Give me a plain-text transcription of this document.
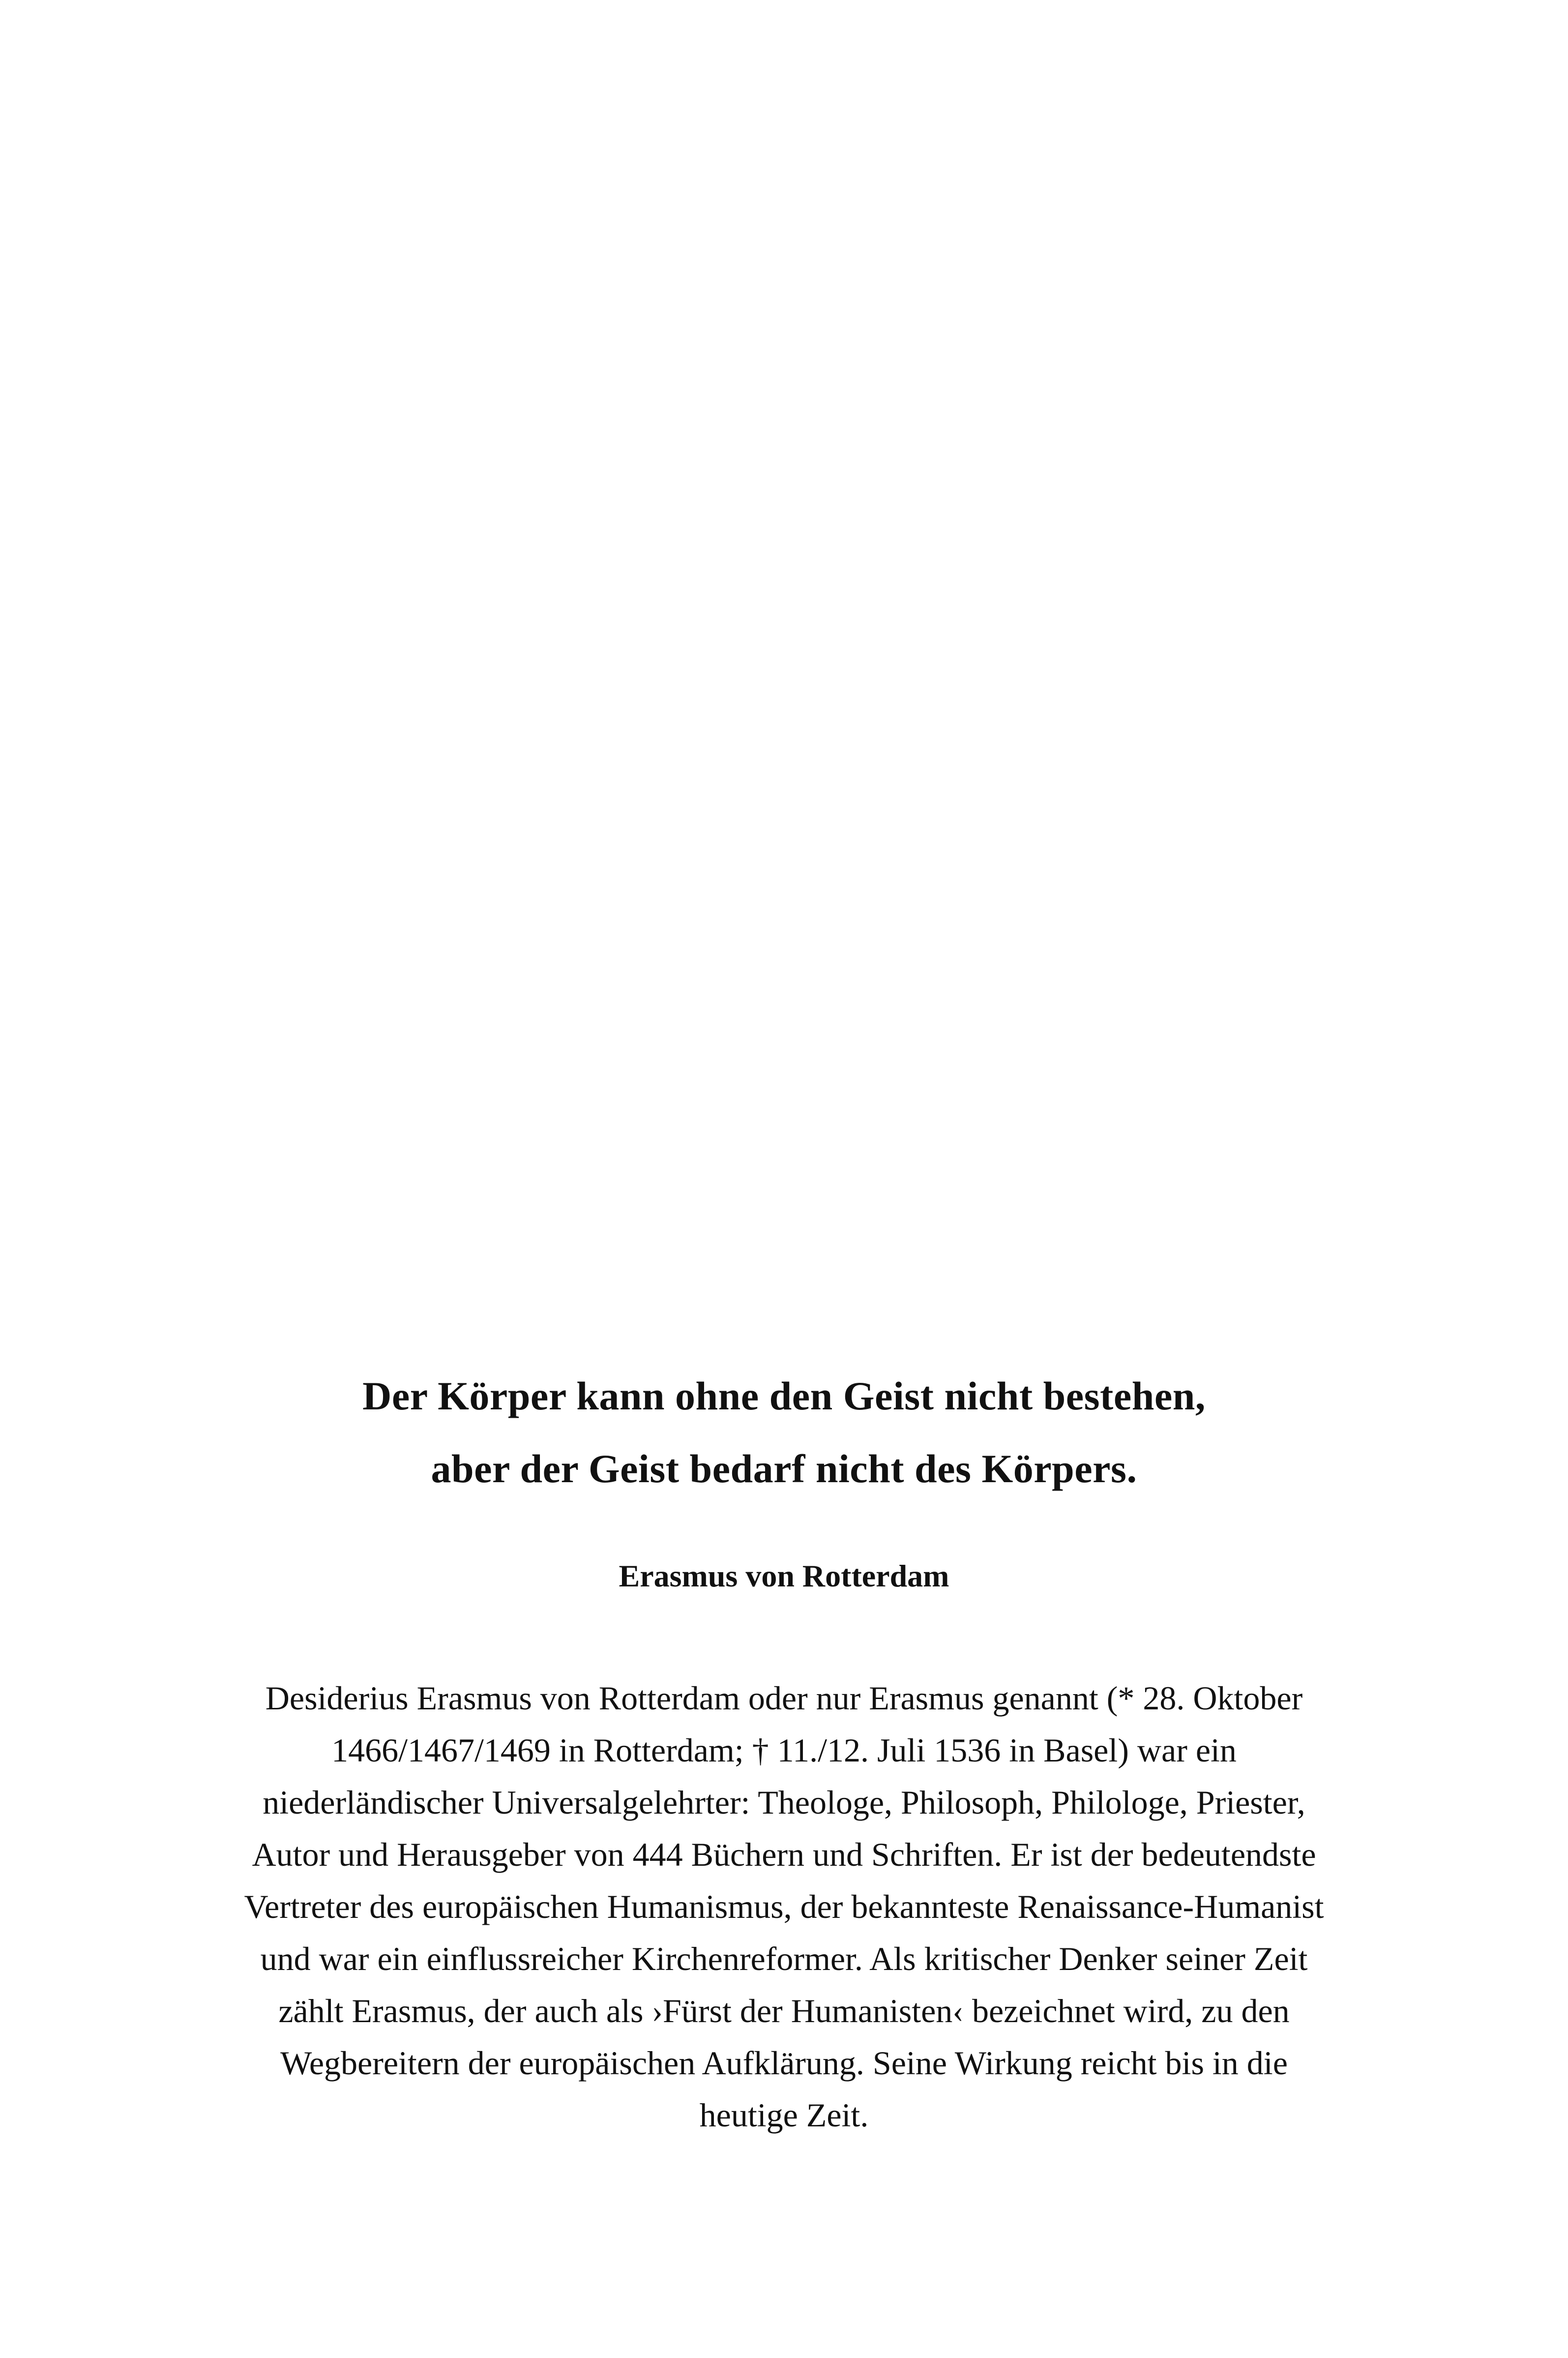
Der Körper kann ohne den Geist nicht bestehen,
aber der Geist bedarf nicht des Körpers.
Erasmus von Rotterdam
Desiderius Erasmus von Rotterdam oder nur Erasmus genannt (* 28. Oktober
1466/1467/1469 in Rotterdam; † 11./12. Juli 1536 in Basel) war ein
niederländischer Universalgelehrter: Theologe, Philosoph, Philologe, Priester,
Autor und Herausgeber von 444 Büchern und Schriften. Er ist der bedeutendste
Vertreter des europäischen Humanismus, der bekannteste Renaissance-Humanist
und war ein einflussreicher Kirchenreformer. Als kritischer Denker seiner Zeit
zählt Erasmus, der auch als ›Fürst der Humanisten‹ bezeichnet wird, zu den
Wegbereitern der europäischen Aufklärung. Seine Wirkung reicht bis in die
heutige Zeit.
